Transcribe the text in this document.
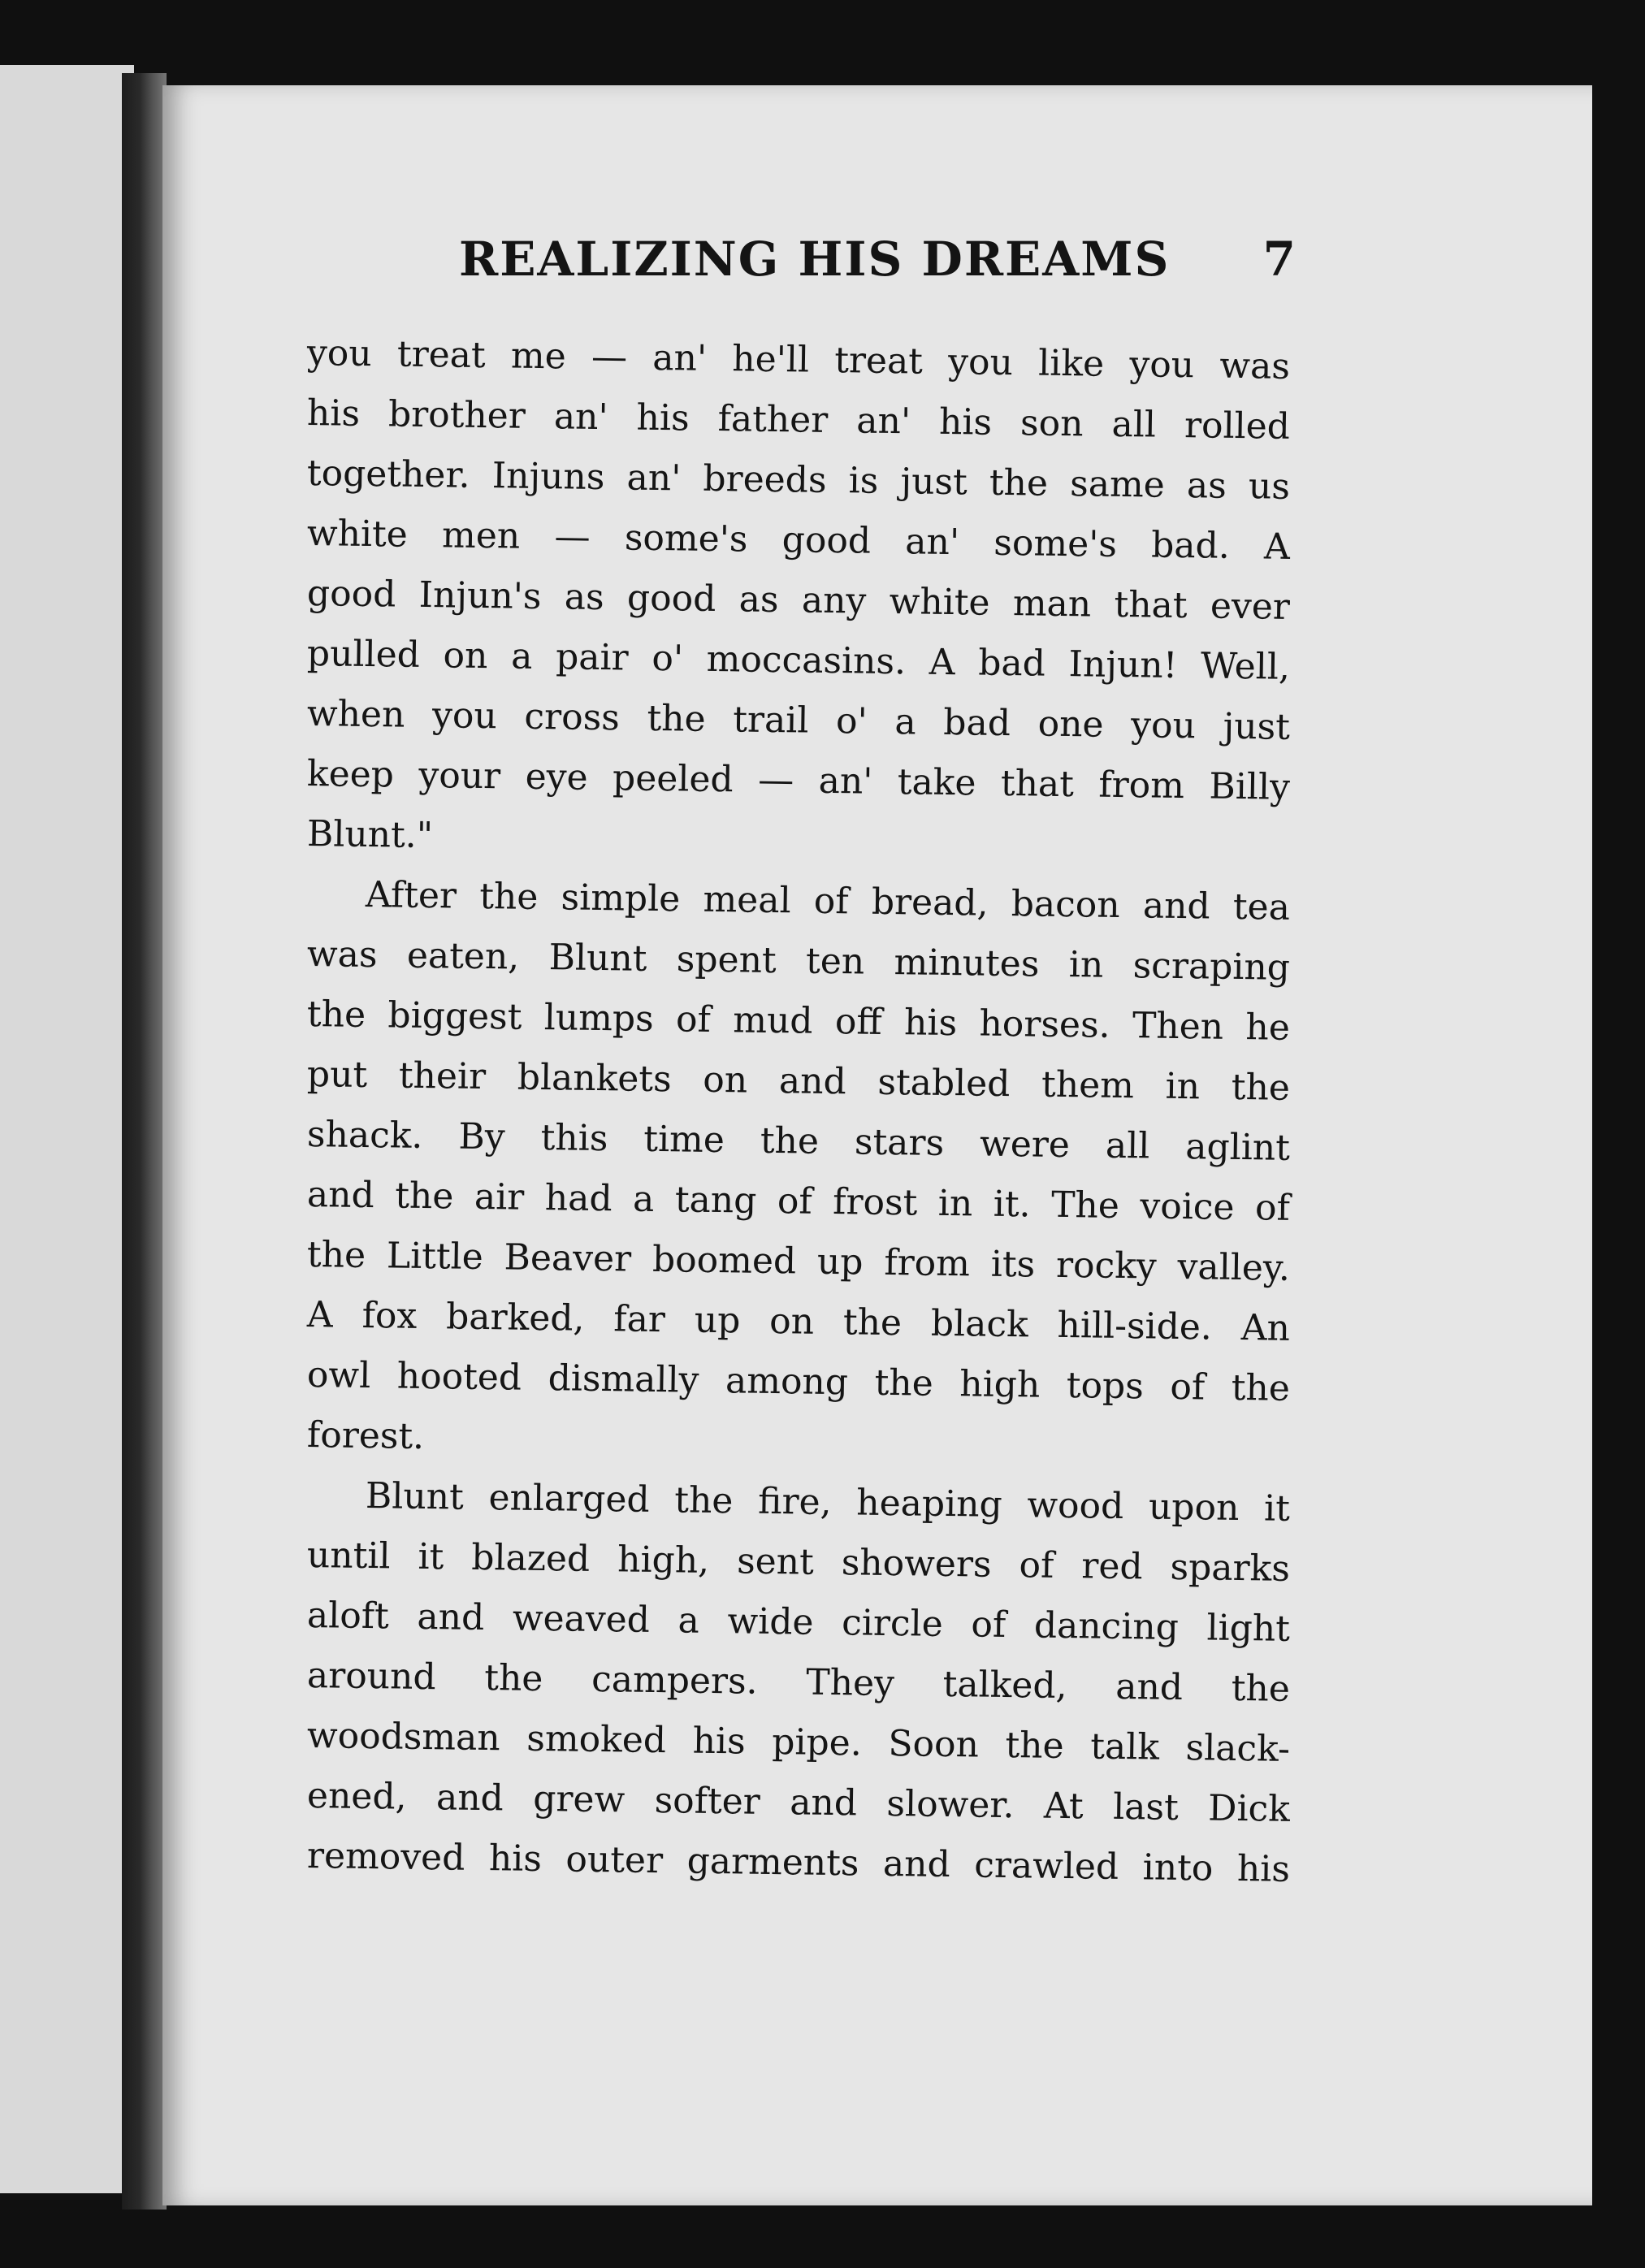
REALIZING HIS DREAMS 7
you treat me — an' he'll treat you like you was
his brother an' his father an' his son all rolled
together. Injuns an' breeds is just the same as us
white men — some's good an' some's bad. A
good Injun's as good as any white man that ever
pulled on a pair o' moccasins. A bad Injun! Well,
when you cross the trail o' a bad one you just
keep your eye peeled — an' take that from Billy
Blunt."
After the simple meal of bread, bacon and tea
was eaten, Blunt spent ten minutes in scraping
the biggest lumps of mud off his horses. Then he
put their blankets on and stabled them in the
shack. By this time the stars were all aglint
and the air had a tang of frost in it. The voice of
the Little Beaver boomed up from its rocky valley.
A fox barked, far up on the black hill-side. An
owl hooted dismally among the high tops of the
forest.
Blunt enlarged the fire, heaping wood upon it
until it blazed high, sent showers of red sparks
aloft and weaved a wide circle of dancing light
around the campers. They talked, and the
woodsman smoked his pipe. Soon the talk slack-
ened, and grew softer and slower. At last Dick
removed his outer garments and crawled into his
